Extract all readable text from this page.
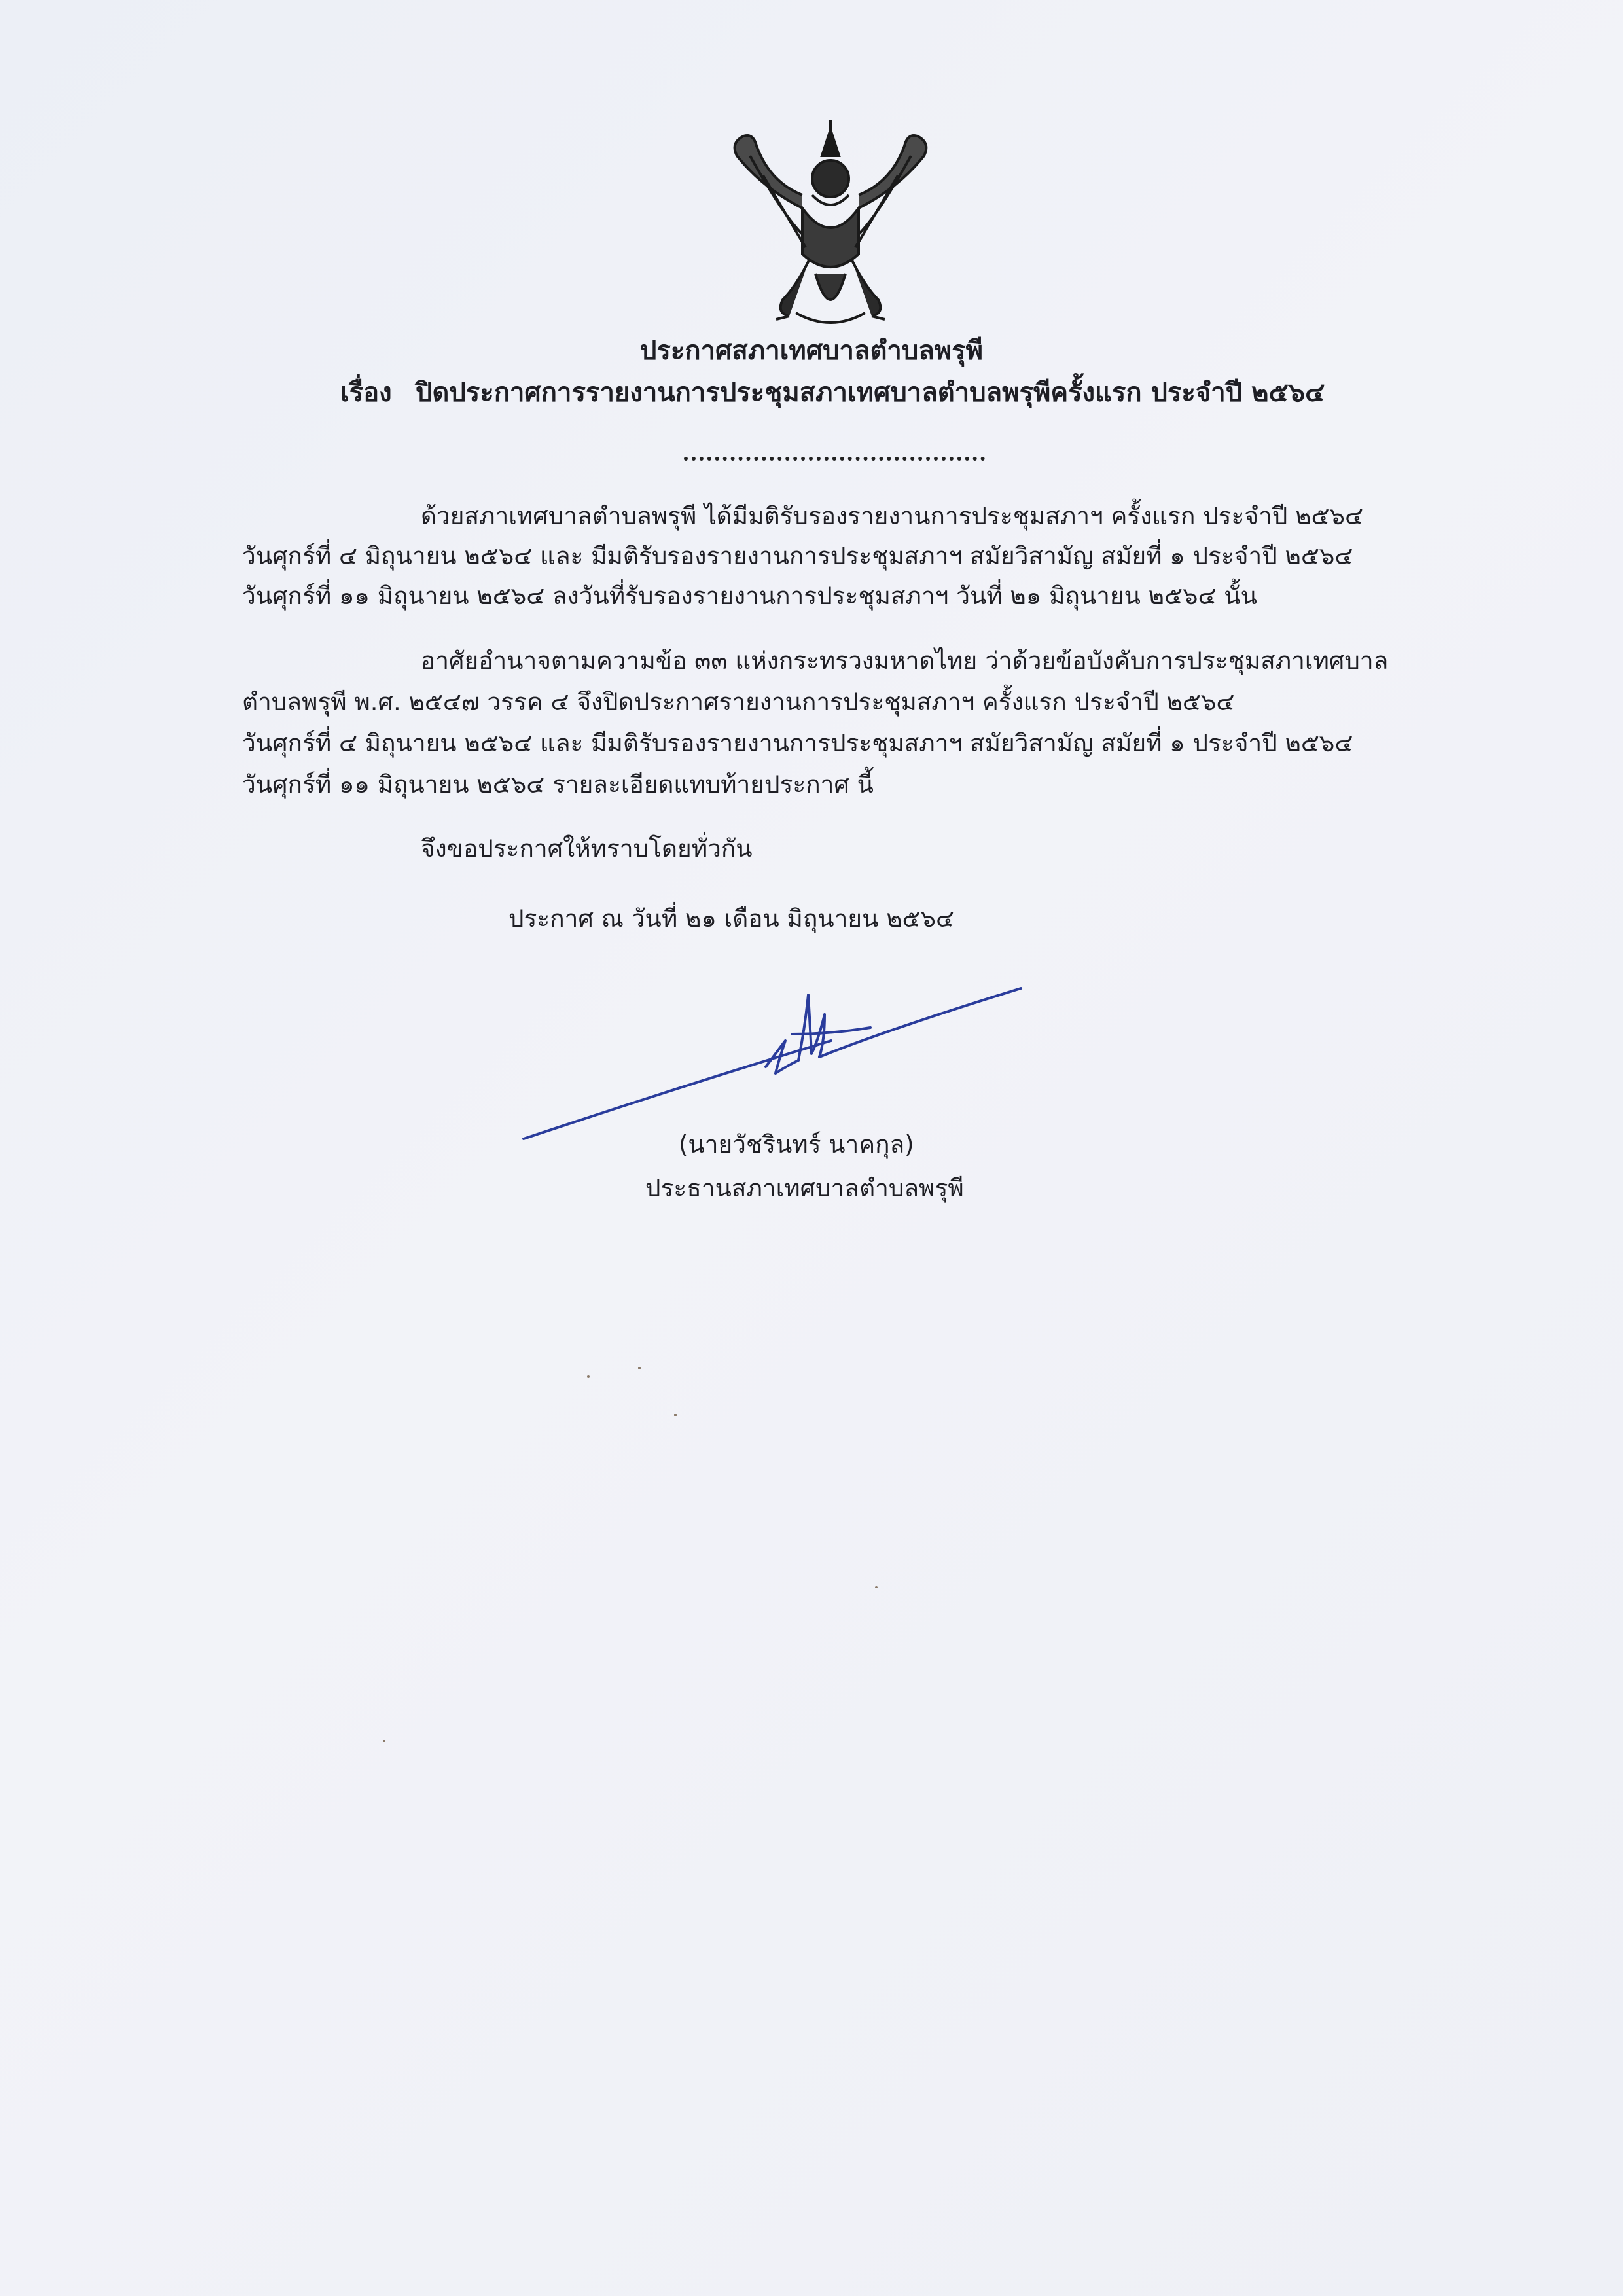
ประกาศสภาเทศบาลตำบลพรุพี
เรื่อง ปิดประกาศการรายงานการประชุมสภาเทศบาลตำบลพรุพีครั้งแรก ประจำปี ๒๕๖๔
ด้วยสภาเทศบาลตำบลพรุพี ได้มีมติรับรองรายงานการประชุมสภาฯ ครั้งแรก ประจำปี ๒๕๖๔
วันศุกร์ที่ ๔ มิถุนายน ๒๕๖๔ และ มีมติรับรองรายงานการประชุมสภาฯ สมัยวิสามัญ สมัยที่ ๑ ประจำปี ๒๕๖๔
วันศุกร์ที่ ๑๑ มิถุนายน ๒๕๖๔ ลงวันที่รับรองรายงานการประชุมสภาฯ วันที่ ๒๑ มิถุนายน ๒๕๖๔ นั้น
อาศัยอำนาจตามความข้อ ๓๓ แห่งกระทรวงมหาดไทย ว่าด้วยข้อบังคับการประชุมสภาเทศบาล
ตำบลพรุพี พ.ศ. ๒๕๔๗ วรรค ๔ จึงปิดประกาศรายงานการประชุมสภาฯ ครั้งแรก ประจำปี ๒๕๖๔
วันศุกร์ที่ ๔ มิถุนายน ๒๕๖๔ และ มีมติรับรองรายงานการประชุมสภาฯ สมัยวิสามัญ สมัยที่ ๑ ประจำปี ๒๕๖๔
วันศุกร์ที่ ๑๑ มิถุนายน ๒๕๖๔ รายละเอียดแทบท้ายประกาศ นี้
จึงขอประกาศให้ทราบโดยทั่วกัน
ประกาศ ณ วันที่ ๒๑ เดือน มิถุนายน ๒๕๖๔
(นายวัชรินทร์ นาคกุล)
ประธานสภาเทศบาลตำบลพรุพี
